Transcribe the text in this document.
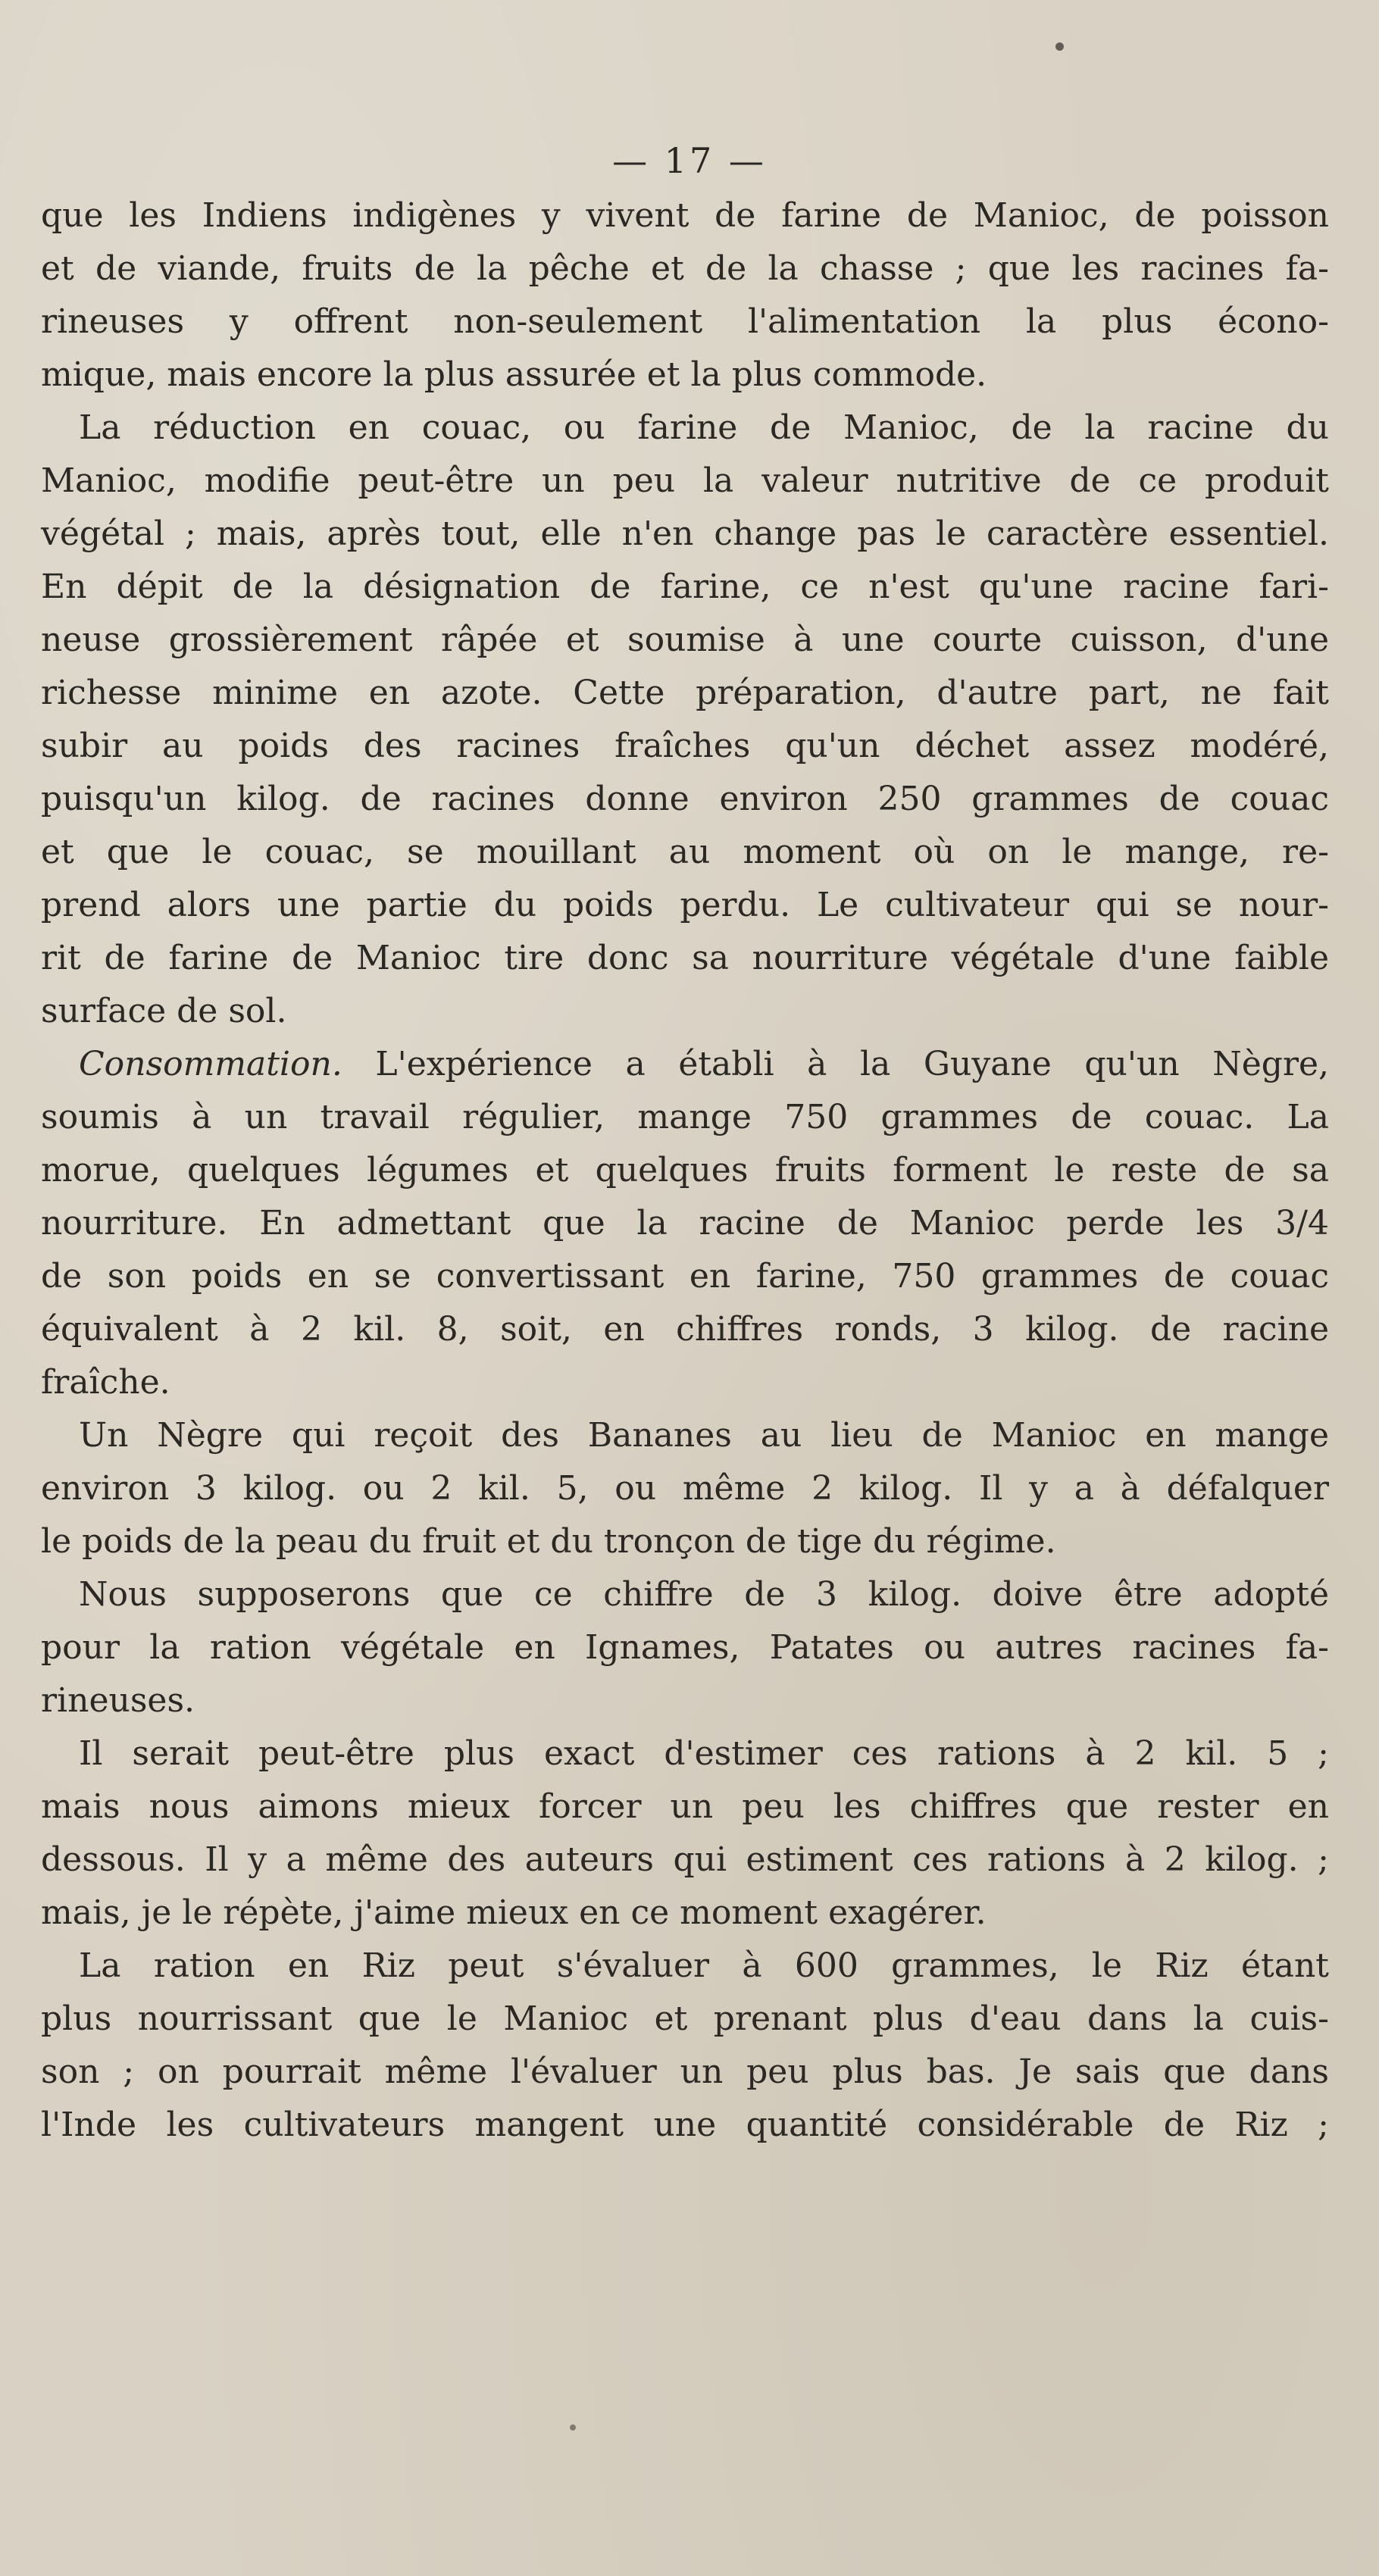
— 17 —

que les Indiens indigènes y vivent de farine de Manioc, de poisson
et de viande, fruits de la pêche et de la chasse ; que les racines fa-
rineuses y offrent non-seulement l'alimentation la plus écono-
mique, mais encore la plus assurée et la plus commode.

La réduction en couac, ou farine de Manioc, de la racine du
Manioc, modifie peut-être un peu la valeur nutritive de ce produit
végétal ; mais, après tout, elle n'en change pas le caractère essentiel.
En dépit de la désignation de farine, ce n'est qu'une racine fari-
neuse grossièrement râpée et soumise à une courte cuisson, d'une
richesse minime en azote. Cette préparation, d'autre part, ne fait
subir au poids des racines fraîches qu'un déchet assez modéré,
puisqu'un kilog. de racines donne environ 250 grammes de couac
et que le couac, se mouillant au moment où on le mange, re-
prend alors une partie du poids perdu. Le cultivateur qui se nour-
rit de farine de Manioc tire donc sa nourriture végétale d'une faible
surface de sol.

Consommation. L'expérience a établi à la Guyane qu'un Nègre,
soumis à un travail régulier, mange 750 grammes de couac. La
morue, quelques légumes et quelques fruits forment le reste de sa
nourriture. En admettant que la racine de Manioc perde les 3/4
de son poids en se convertissant en farine, 750 grammes de couac
équivalent à 2 kil. 8, soit, en chiffres ronds, 3 kilog. de racine
fraîche.

Un Nègre qui reçoit des Bananes au lieu de Manioc en mange
environ 3 kilog. ou 2 kil. 5, ou même 2 kilog. Il y a à défalquer
le poids de la peau du fruit et du tronçon de tige du régime.

Nous supposerons que ce chiffre de 3 kilog. doive être adopté
pour la ration végétale en Ignames, Patates ou autres racines fa-
rineuses.

Il serait peut-être plus exact d'estimer ces rations à 2 kil. 5 ;
mais nous aimons mieux forcer un peu les chiffres que rester en
dessous. Il y a même des auteurs qui estiment ces rations à 2 kilog. ;
mais, je le répète, j'aime mieux en ce moment exagérer.

La ration en Riz peut s'évaluer à 600 grammes, le Riz étant
plus nourrissant que le Manioc et prenant plus d'eau dans la cuis-
son ; on pourrait même l'évaluer un peu plus bas. Je sais que dans
l'Inde les cultivateurs mangent une quantité considérable de Riz ;
